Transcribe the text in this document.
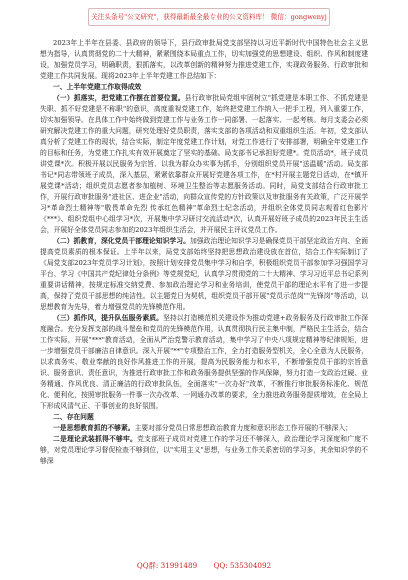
关注头条号"公文研究"，获得最新最全最专业的公文资料库！ 微信：gongwenyj

2023年上半年在县委、县政府的领导下，县行政审批局党支部坚持以习近平新时代中国特色社会主义思想为指导，认真贯彻党的二十大精神，紧紧围绕本局重点工作，切实加强党的思想建设、组织、作风和制度建设，加强党员学习，明确职责，狠抓落实，以改革创新的精神努力推进党建工作，实现政务服务、行政审批和党建工作共同发展。现将2023年上半年党建工作总结如下：

一、上半年党建工作取得成效

（一）抓落实，把党建工作摆在首要位置。县行政审批局党组牢固树立"抓党建是本职工作、不抓党建是失职、抓不好党建是不称职"的意识，高度重视党建工作，始终把党建工作纳入一把手工程，列入重要工作，切实加强领导。在具体工作中始终做到党建工作与业务工作一同部署、一起落实、一起考核。每月支委会必须研究解决党建工作的重大问题，研究处理好党员职责，落实支部的各项活动和双重组织生活。年初，党支部认真分析了党建工作的现状，结合实际，制定年度党建工作计划，对党工作进行了安排部署，明确全年党建工作的目标和任务，为党建工作扎实有效开展奠定了坚实的基础。局支部书记承担好党建*。党员活动*，班子成员讲党课*次。积极开展以民服务为宗旨、以我为群众办实事为抓手，分别组织党员开展"送温暖"活动。局支部书记*同志带领班子成员，深入基层，紧紧依靠群众开展好党建各项工作，在*村开展主题党日活动，在*镇开展党课*活动；组织党员志愿者参加植树、环境卫生整治等志愿服务活动。同时，局党支部结合行政审批工作，开展行政审批服务"进社区、进企业"活动，向群众宣传党的方针政策以及审批服务有关政策，广泛开展学习*革命烈士精神等"敬畏革命先烈 传承红色精神"革命烈士纪念活动，并组织全体党员同志观看红色影片《***》、组织党组中心组学习*次，开展集中学习研讨交流活动*次，认真开展好班子成员的2023年民主生活会，开展好全体党员同志参加的2023年组织生活会，并开展民主评议党员工作。

（二）抓教育，深化党员干部理论知识学习。加强政治理论知识学习是确保党员干部坚定政治方向、全面提高党员素质的根本保证。上半年以来，局党支部始终坚持把思想政治建设放在首位，结合工作实际制订了《局党支部2023年党员学习计划》，按照计划安排党员集中学习和自学，积极组织党员干部参加学习强国学习平台、学习《中国共产党纪律处分条例》等党规党纪，认真学习贯彻党的二十大精神、学习习近平总书记系列重要讲话精神，按规定标准交纳党费、参加政治理论学习和业务培训，使党员干部的理论水平有了进一步提高，保持了党员干部思想的纯洁性。以主题党日为契机，组织党员干部开展"党员示范岗""先锋岗"等活动，以思想教育为先导，着力增强党员的先锋模范作用。

（三）抓作风，提升队伍服务素质。坚持以打造模范机关建设作为推动党建+政务服务及行政审批工作深度融合。充分发挥支部的战斗堡垒和党员的先锋模范作用，认真贯彻执行民主集中制，严格民主生活会，结合工作实际，开展"***"教育活动，全面从严治党警示教育活动，集中学习了中央八项规定精神等纪律规矩，进一步增强党员干部廉洁自律意识。深入开展"**"专项整治工作，全力打造服务型机关，全心全意为人民服务，以求真务实、敬业奉献的良好作风推进工作的开展，提高为民服务能力和水平，不断增强党员干部的宗旨意识、服务意识、责任意识，为推进行政审批工作和政务服务提供坚强的作风保障，努力打造一支政治过硬、业务精通、作风优良、清正廉洁的行政审批队伍，全面落实"一次办好"改革，不断推行审批服务标准化、规范化、便利化，按照审批服务一件事一次办改革、一网通办改革的要求，全力推进政务服务提质增效，在全局上下形成风清气正、干事创业的良好氛围。

二、存在问题

一是思想教育抓的不够紧。主要对部分党员日常思想政治教育力度和意识形态工作开展的不够深入；

二是理论武装抓得不够牢。党支部班子成员对党建工作的学习还不够深入，政治理论学习深度和广度不够，对党员理论学习督促检查不够到位，以"实用主义"思想，与业务工作关系密切的学习多，其余知识学的不够深

QQ群: 31991489 QQ: 535304092
